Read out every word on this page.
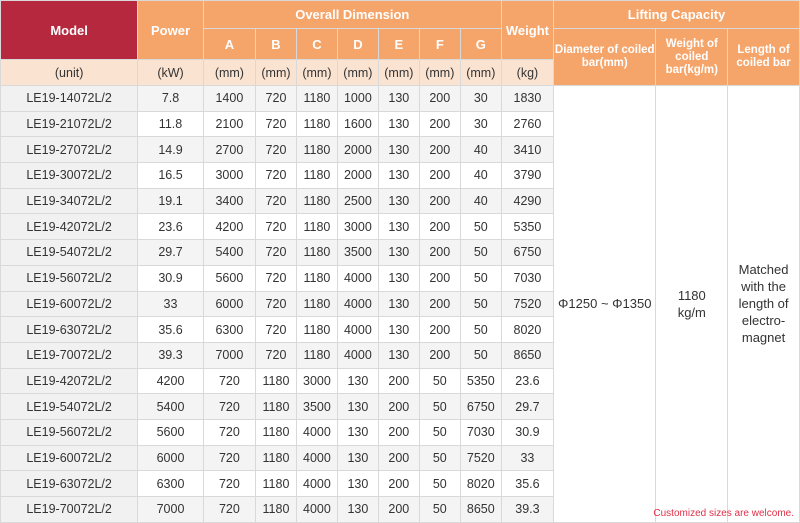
Model	Power	Overall Dimension							Weight	Lifting Capacity		
		A	B	C	D	E	F	G		Diameter of coiled bar(mm)	Weight of coiled bar(kg/m)	Length of coiled bar
(unit)	(kW)	(mm)	(mm)	(mm)	(mm)	(mm)	(mm)	(mm)	(kg)			
LE19-14072L/2	7.8	1400	720	1180	1000	130	200	30	1830	Φ1250 ~ Φ1350	1180 kg/m	Matched with the length of electro-magnet
LE19-21072L/2	11.8	2100	720	1180	1600	130	200	30	2760			
LE19-27072L/2	14.9	2700	720	1180	2000	130	200	40	3410			
LE19-30072L/2	16.5	3000	720	1180	2000	130	200	40	3790			
LE19-34072L/2	19.1	3400	720	1180	2500	130	200	40	4290			
LE19-42072L/2	23.6	4200	720	1180	3000	130	200	50	5350			
LE19-54072L/2	29.7	5400	720	1180	3500	130	200	50	6750			
LE19-56072L/2	30.9	5600	720	1180	4000	130	200	50	7030			
LE19-60072L/2	33	6000	720	1180	4000	130	200	50	7520			
LE19-63072L/2	35.6	6300	720	1180	4000	130	200	50	8020			
LE19-70072L/2	39.3	7000	720	1180	4000	130	200	50	8650			
LE19-42072L/2	4200	720	1180	3000	130	200	50	5350	23.6			
LE19-54072L/2	5400	720	1180	3500	130	200	50	6750	29.7			
LE19-56072L/2	5600	720	1180	4000	130	200	50	7030	30.9			
LE19-60072L/2	6000	720	1180	4000	130	200	50	7520	33			
LE19-63072L/2	6300	720	1180	4000	130	200	50	8020	35.6			
LE19-70072L/2	7000	720	1180	4000	130	200	50	8650	39.3				Customized sizes are welcome.
